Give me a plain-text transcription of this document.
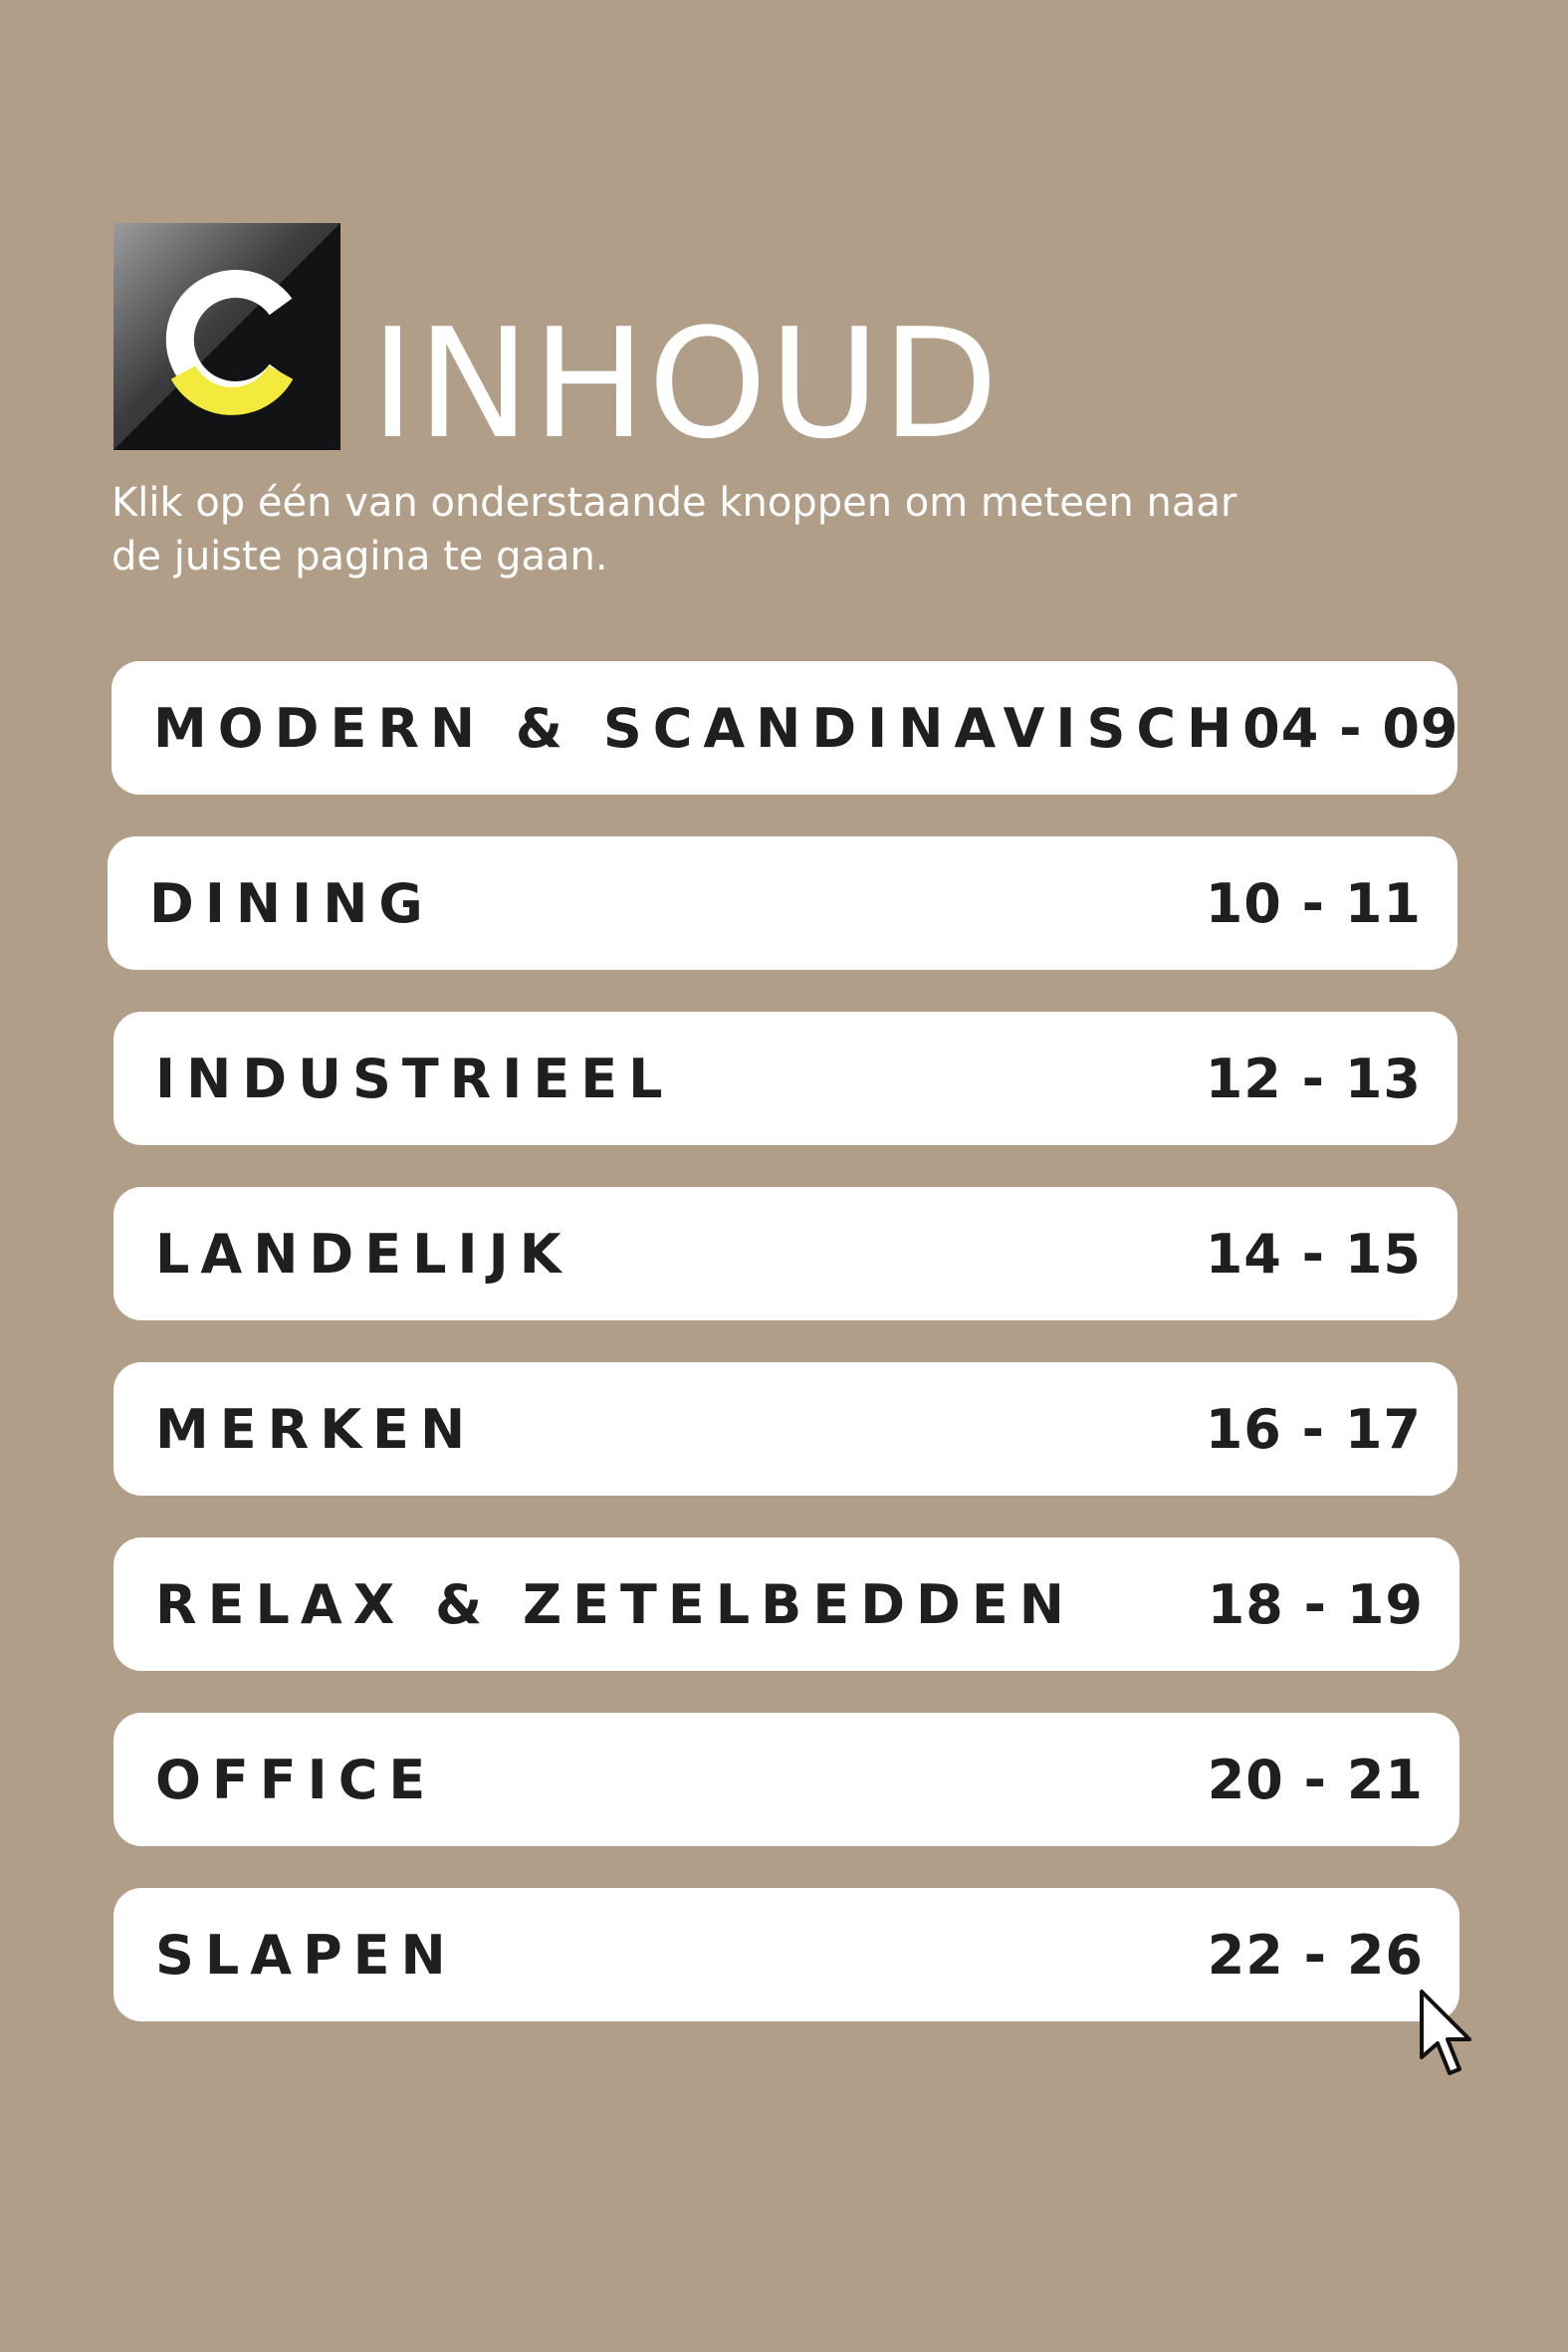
INHOUD
Klik op één van onderstaande knoppen om meteen naar
de juiste pagina te gaan.
MODERN & SCANDINAVISCH 04 - 09
DINING	10 - 11
INDUSTRIEEL	12 - 13
LANDELIJK	14 - 15
MERKEN	16 - 17
RELAX & ZETELBEDDEN 18 - 19
OFFICE	20 - 21
SLAPEN	22 - 26
